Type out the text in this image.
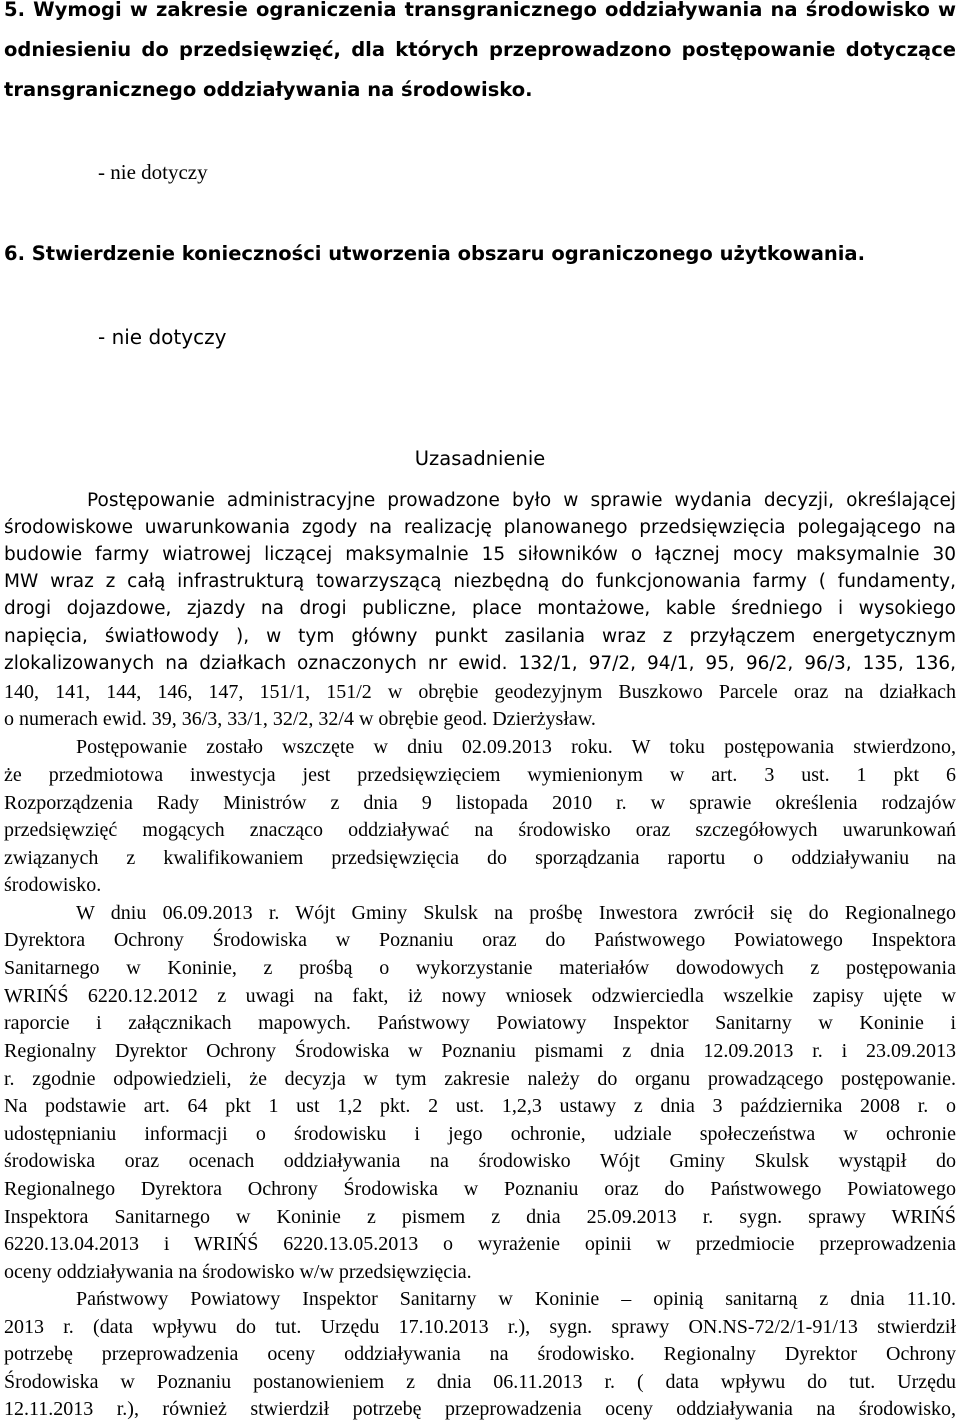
5. Wymogi w zakresie ograniczenia transgranicznego oddziaływania na środowisko w
odniesieniu do przedsięwzięć, dla których przeprowadzono postępowanie dotyczące
transgranicznego oddziaływania na środowisko.
- nie dotyczy
6. Stwierdzenie konieczności utworzenia obszaru ograniczonego użytkowania.
- nie dotyczy
Uzasadnienie
Postępowanie administracyjne prowadzone było w sprawie wydania decyzji, określającej
środowiskowe uwarunkowania zgody na realizację planowanego przedsięwzięcia polegającego na
budowie farmy wiatrowej liczącej maksymalnie 15 siłowników o łącznej mocy maksymalnie 30
MW wraz z całą infrastrukturą towarzyszącą niezbędną do funkcjonowania farmy ( fundamenty,
drogi dojazdowe, zjazdy na drogi publiczne, place montażowe, kable średniego i wysokiego
napięcia, światłowody ), w tym główny punkt zasilania wraz z przyłączem energetycznym
zlokalizowanych na działkach oznaczonych nr ewid. 132/1, 97/2, 94/1, 95, 96/2, 96/3, 135, 136,
140, 141, 144, 146, 147, 151/1, 151/2 w obrębie geodezyjnym Buszkowo Parcele oraz na działkach
o numerach ewid. 39, 36/3, 33/1, 32/2, 32/4 w obrębie geod. Dzierżysław.
Postępowanie zostało wszczęte w dniu 02.09.2013 roku. W toku postępowania stwierdzono,
że przedmiotowa inwestycja jest przedsięwzięciem wymienionym w art. 3 ust. 1 pkt 6
Rozporządzenia Rady Ministrów z dnia 9 listopada 2010 r. w sprawie określenia rodzajów
przedsięwzięć mogących znacząco oddziaływać na środowisko oraz szczegółowych uwarunkowań
związanych z kwalifikowaniem przedsięwzięcia do sporządzania raportu o oddziaływaniu na
środowisko.
W dniu 06.09.2013 r. Wójt Gminy Skulsk na prośbę Inwestora zwrócił się do Regionalnego
Dyrektora Ochrony Środowiska w Poznaniu oraz do Państwowego Powiatowego Inspektora
Sanitarnego w Koninie, z prośbą o wykorzystanie materiałów dowodowych z postępowania
WRIŃŚ 6220.12.2012 z uwagi na fakt, iż nowy wniosek odzwierciedla wszelkie zapisy ujęte w
raporcie i załącznikach mapowych. Państwowy Powiatowy Inspektor Sanitarny w Koninie i
Regionalny Dyrektor Ochrony Środowiska w Poznaniu pismami z dnia 12.09.2013 r. i 23.09.2013
r. zgodnie odpowiedzieli, że decyzja w tym zakresie należy do organu prowadzącego postępowanie.
Na podstawie art. 64 pkt 1 ust 1,2 pkt. 2 ust. 1,2,3 ustawy z dnia 3 października 2008 r. o
udostępnianiu informacji o środowisku i jego ochronie, udziale społeczeństwa w ochronie
środowiska oraz ocenach oddziaływania na środowisko Wójt Gminy Skulsk wystąpił do
Regionalnego Dyrektora Ochrony Środowiska w Poznaniu oraz do Państwowego Powiatowego
Inspektora Sanitarnego w Koninie z pismem z dnia 25.09.2013 r. sygn. sprawy WRIŃŚ
6220.13.04.2013 i WRIŃŚ 6220.13.05.2013 o wyrażenie opinii w przedmiocie przeprowadzenia
oceny oddziaływania na środowisko w/w przedsięwzięcia.
Państwowy Powiatowy Inspektor Sanitarny w Koninie – opinią sanitarną z dnia 11.10.
2013 r. (data wpływu do tut. Urzędu 17.10.2013 r.), sygn. sprawy ON.NS-72/2/1-91/13 stwierdził
potrzebę przeprowadzenia oceny oddziaływania na środowisko. Regionalny Dyrektor Ochrony
Środowiska w Poznaniu postanowieniem z dnia 06.11.2013 r. ( data wpływu do tut. Urzędu
12.11.2013 r.), również stwierdził potrzebę przeprowadzenia oceny oddziaływania na środowisko,
